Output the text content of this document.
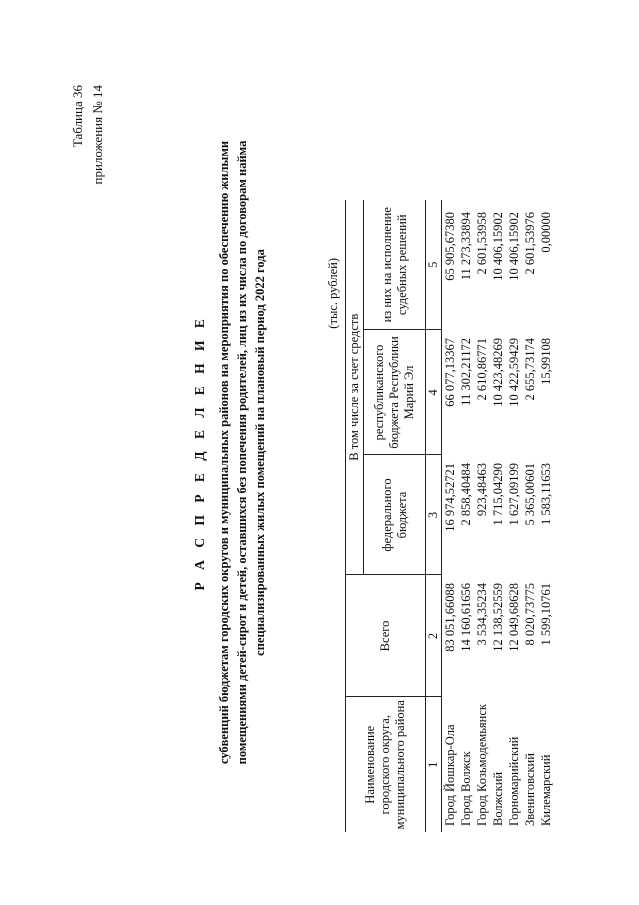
Таблица 36 приложения № 14
Р А С П Р Е Д Е Л Е Н И Е субвенций бюджетам городских округов и муниципальных районов на мероприятия по обеспечению жилыми помещениями детей-сирот и детей, оставшихся без попечения родителей, лиц из их числа по договорам найма специализированных жилых помещений на плановый период 2022 года	(тыс. рублей)
Наименование городского округа, муниципального района	Всего	В том числе за счет средств		
		федерального бюджета	республиканского бюджета Республики Марий Эл	из них на исполнение судебных решений
1	2	3	4	5
Город Йошкар-Ола	83 051,66088	16 974,52721	66 077,13367	65 905,67380
Город Волжск	14 160,61656	2 858,40484	11 302,21172	11 273,33894
Город Козьмодемьянск	3 534,35234	923,48463	2 610,86771	2 601,53958
Волжский	12 138,52559	1 715,04290	10 423,48269	10 406,15902
Горномарийский	12 049,68628	1 627,09199	10 422,59429	10 406,15902
Звениговский	8 020,73775	5 365,00601	2 655,73174	2 601,53976
Килемарский	1 599,10761	1 583,11653	15,99108	0,00000
